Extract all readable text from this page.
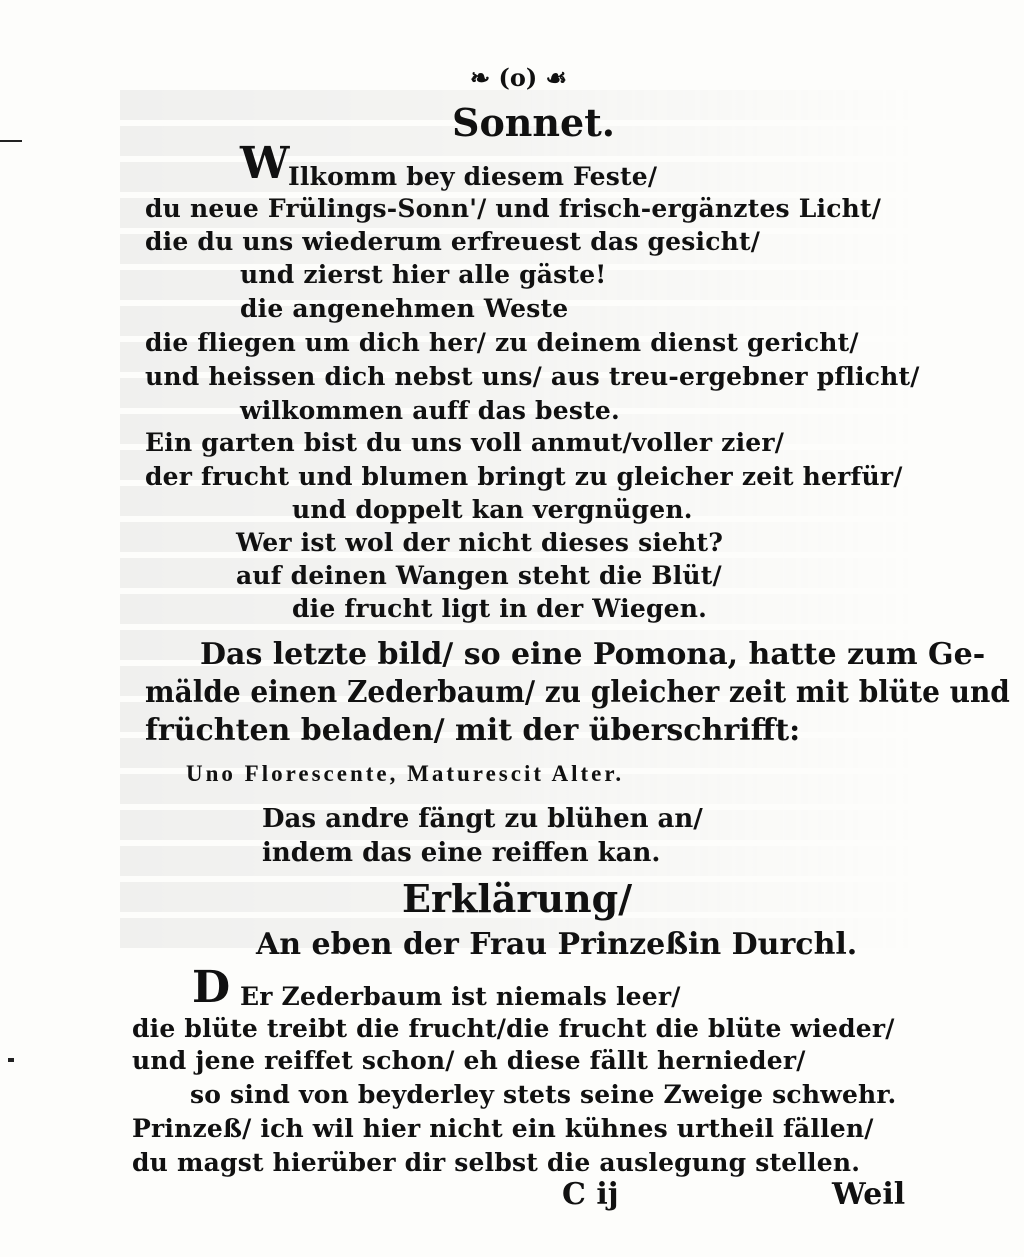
❧ (o) ☙
Sonnet.
W
Ilkomm bey diesem Feste/
du neue Frülings-Sonn'/ und frisch-ergänztes Licht/
die du uns wiederum erfreuest das gesicht/
und zierst hier alle gäste!
die angenehmen Weste
die fliegen um dich her/ zu deinem dienst gericht/
und heissen dich nebst uns/ aus treu-ergebner pflicht/
wilkommen auff das beste.
Ein garten bist du uns voll anmut/voller zier/
der frucht und blumen bringt zu gleicher zeit herfür/
und doppelt kan vergnügen.
Wer ist wol der nicht dieses sieht?
auf deinen Wangen steht die Blüt/
die frucht ligt in der Wiegen.
Das letzte bild/ so eine Pomona, hatte zum Ge-
mälde einen Zederbaum/ zu gleicher zeit mit blüte und
früchten beladen/ mit der überschrifft:
Uno Florescente, Maturescit Alter.
Das andre fängt zu blühen an/
indem das eine reiffen kan.
Erklärung/
An eben der Frau Prinzeßin Durchl.
D Er Zederbaum ist niemals leer/
die blüte treibt die frucht/die frucht die blüte wieder/
und jene reiffet schon/ eh diese fällt hernieder/
so sind von beyderley stets seine Zweige schwehr.
Prinzeß/ ich wil hier nicht ein kühnes urtheil fällen/
du magst hierüber dir selbst die auslegung stellen.
C ij	Weil
